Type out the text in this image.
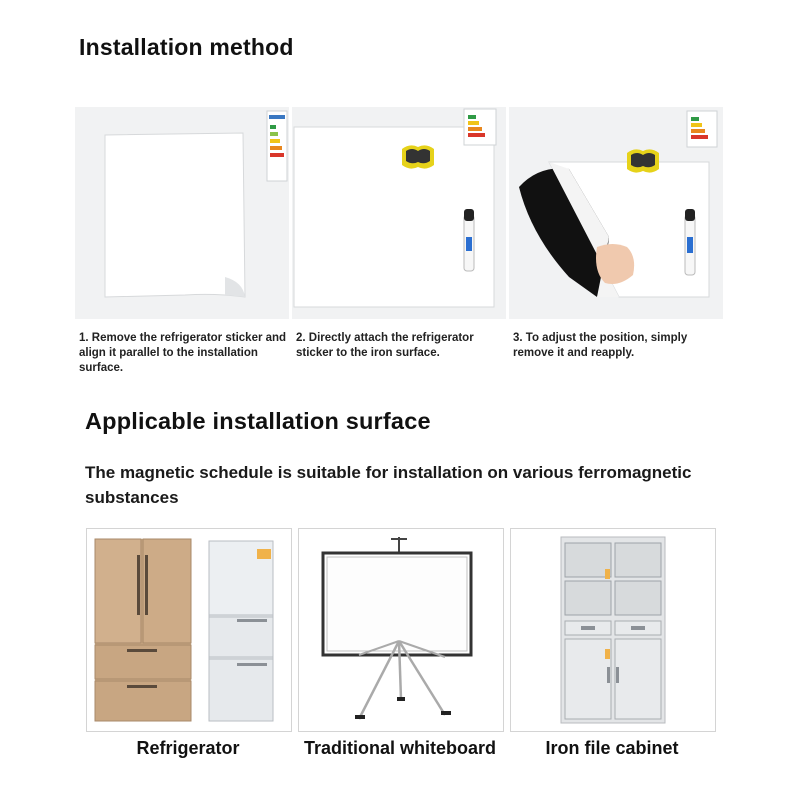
Installation method
1. Remove the refrigerator sticker and align it parallel to the installation surface.
2. Directly attach the refrigerator sticker to the iron surface.
3. To adjust the position, simply remove it and reapply.
Applicable installation surface
The magnetic schedule is suitable for installation on various ferromagnetic substances
Refrigerator	Traditional whiteboard	Iron file cabinet
